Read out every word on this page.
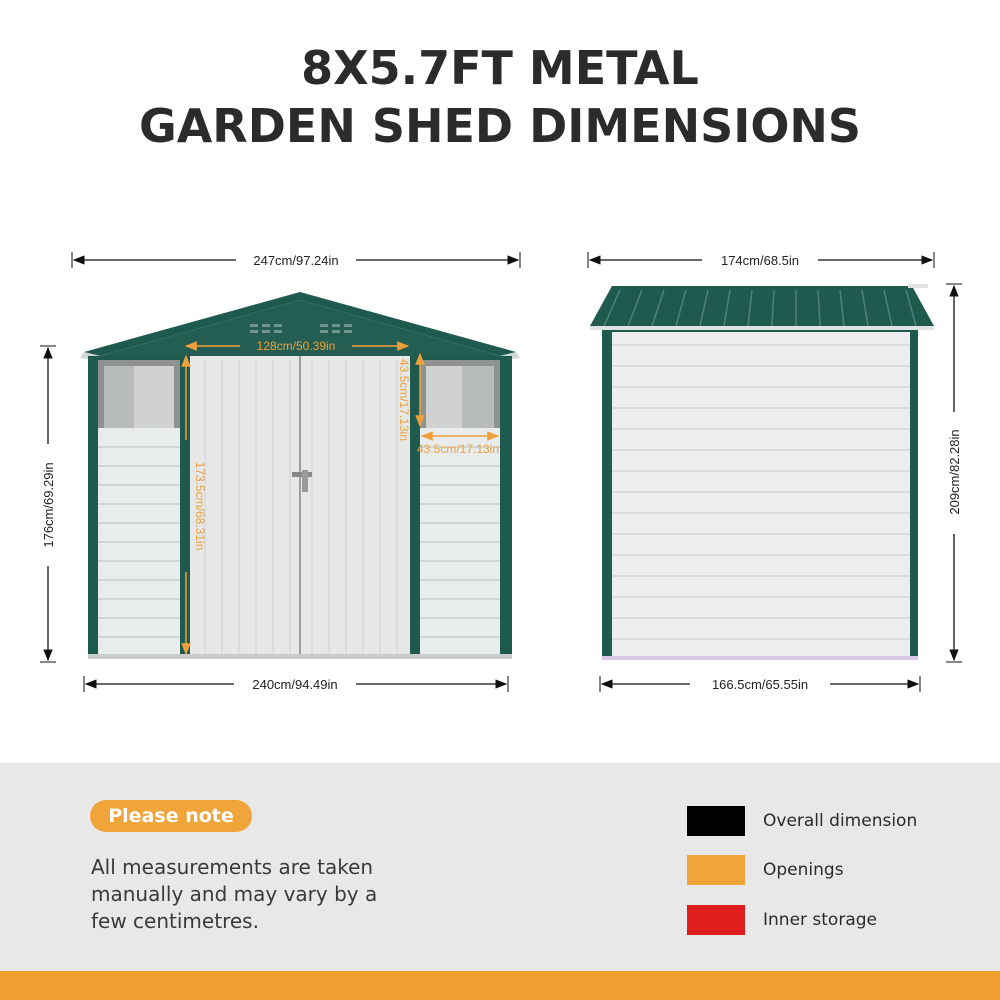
8X5.7FT METAL
GARDEN SHED DIMENSIONS
247cm/97.24in
240cm/94.49in
176cm/69.29in
128cm/50.39in
173.5cm/68.31in
43.5cm/17.13in
43.5cm/17.13in
174cm/68.5in
166.5cm/65.55in
209cm/82.28in
Please note
All measurements are taken manually and may vary by a few centimetres.
Overall dimension
Openings
Inner storage
